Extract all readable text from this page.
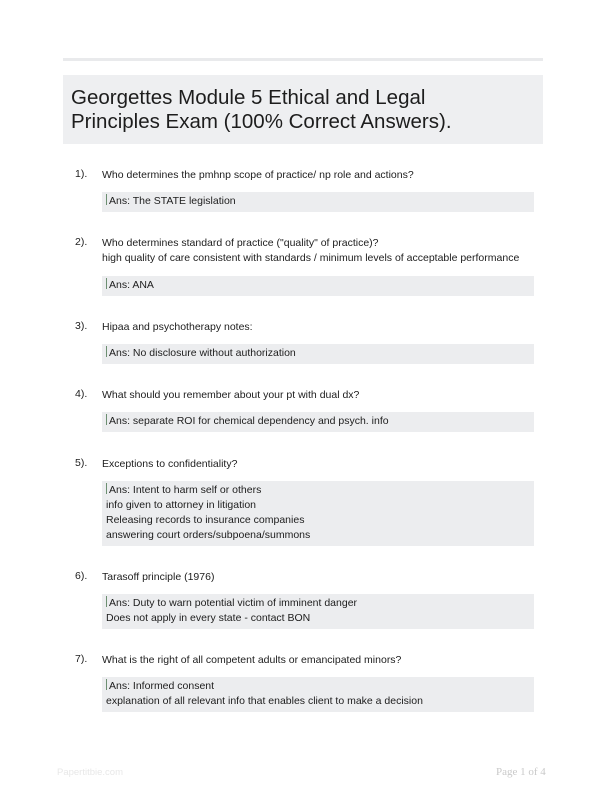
Georgettes Module 5 Ethical and Legal
Principles Exam (100% Correct Answers).
1). Who determines the pmhnp scope of practice/ np role and actions?
Ans: The STATE legislation
2). Who determines standard of practice ("quality" of practice)?
high quality of care consistent with standards / minimum levels of acceptable performance
Ans: ANA
3). Hipaa and psychotherapy notes:
Ans: No disclosure without authorization
4). What should you remember about your pt with dual dx?
Ans: separate ROI for chemical dependency and psych. info
5). Exceptions to confidentiality?
Ans: Intent to harm self or others
info given to attorney in litigation
Releasing records to insurance companies
answering court orders/subpoena/summons
6). Tarasoff principle (1976)
Ans: Duty to warn potential victim of imminent danger
Does not apply in every state - contact BON
7). What is the right of all competent adults or emancipated minors?
Ans: Informed consent
explanation of all relevant info that enables client to make a decision
Papertitbie.com	Page 1 of 4
